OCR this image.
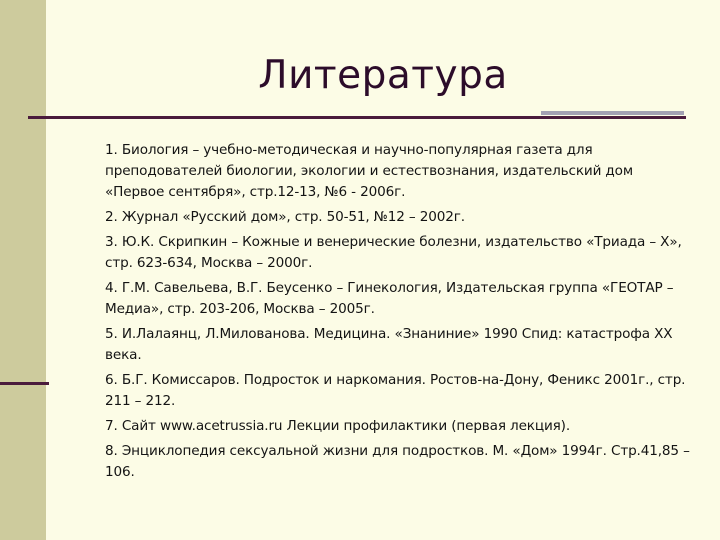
Литература
1. Биология – учебно-методическая и научно-популярная газета для преподователей биологии, экологии и естествознания, издательский дом «Первое сентября», стр.12-13, №6 - 2006г.
2. Журнал «Русский дом», стр. 50-51, №12 – 2002г.
3. Ю.К. Скрипкин – Кожные и венерические болезни, издательство «Триада – Х», стр. 623-634, Москва – 2000г.
4. Г.М. Савельева, В.Г. Беусенко – Гинекология, Издательская группа «ГЕОТАР – Медиа», стр. 203-206, Москва – 2005г.
5. И.Лалаянц, Л.Милованова. Медицина. «Знаниние» 1990 Спид: катастрофа ХХ века.
6. Б.Г. Комиссаров. Подросток и наркомания. Ростов-на-Дону, Феникс 2001г., стр. 211 – 212.
7. Сайт www.acetrussia.ru Лекции профилактики (первая лекция).
8. Энциклопедия сексуальной жизни для подростков. М. «Дом» 1994г. Стр.41,85 – 106.
